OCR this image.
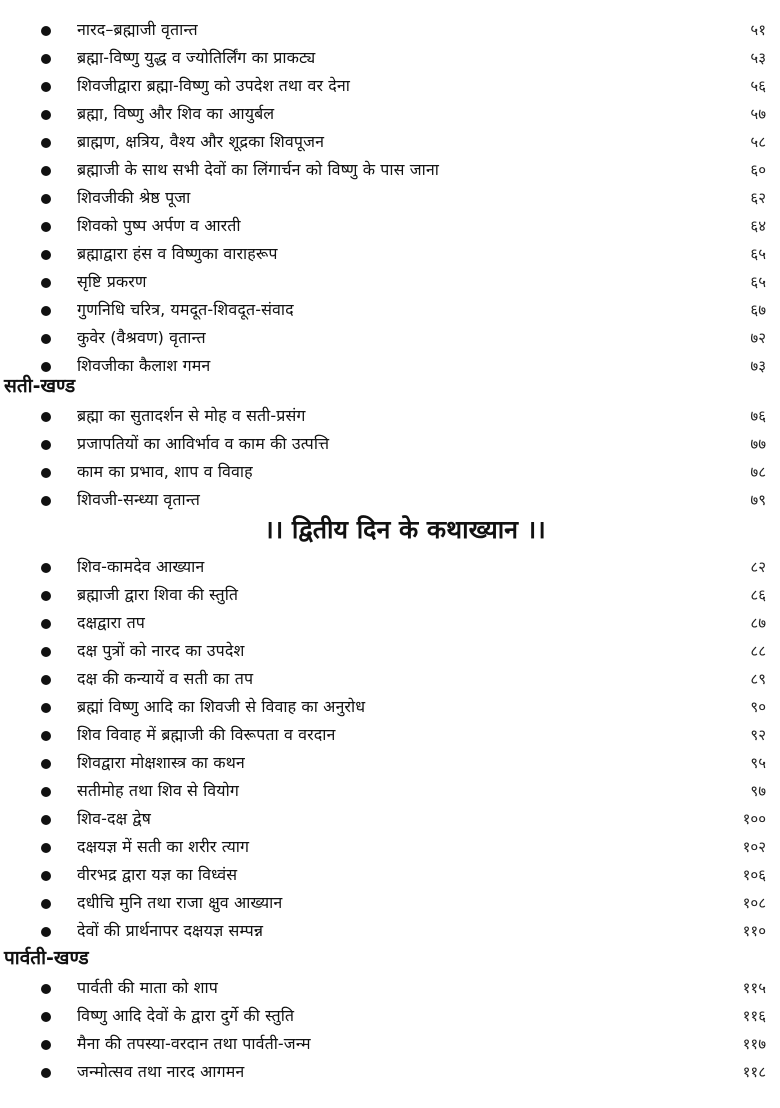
नारद–ब्रह्माजी वृतान्त	५१
ब्रह्मा-विष्णु युद्ध व ज्योतिर्लिंग का प्राकट्य	५३
शिवजीद्वारा ब्रह्मा-विष्णु को उपदेश तथा वर देना	५६
ब्रह्मा, विष्णु और शिव का आयुर्बल	५७
ब्राह्मण, क्षत्रिय, वैश्य और शूद्रका शिवपूजन	५८
ब्रह्माजी के साथ सभी देवों का लिंगार्चन को विष्णु के पास जाना	६०
शिवजीकी श्रेष्ठ पूजा	६२
शिवको पुष्प अर्पण व आरती	६४
ब्रह्माद्वारा हंस व विष्णुका वाराहरूप	६५
सृष्टि प्रकरण	६५
गुणनिधि चरित्र, यमदूत-शिवदूत-संवाद	६७
कुवेर (वैश्रवण) वृतान्त	७२
शिवजीका कैलाश गमन	७३
सती-खण्ड
ब्रह्मा का सुतादर्शन से मोह व सती-प्रसंग	७६
प्रजापतियों का आविर्भाव व काम की उत्पत्ति	७७
काम का प्रभाव, शाप व विवाह	७८
शिवजी-सन्ध्या वृतान्त	७९
।। द्वितीय दिन के कथाख्यान ।।
शिव-कामदेव आख्यान	८२
ब्रह्माजी द्वारा शिवा की स्तुति	८६
दक्षद्वारा तप	८७
दक्ष पुत्रों को नारद का उपदेश	८८
दक्ष की कन्यायें व सती का तप	८९
ब्रह्मां विष्णु आदि का शिवजी से विवाह का अनुरोध	९०
शिव विवाह में ब्रह्माजी की विरूपता व वरदान	९२
शिवद्वारा मोक्षशास्त्र का कथन	९५
सतीमोह तथा शिव से वियोग	९७
शिव-दक्ष द्वेष	१००
दक्षयज्ञ में सती का शरीर त्याग	१०२
वीरभद्र द्वारा यज्ञ का विध्वंस	१०६
दधीचि मुनि तथा राजा क्षुव आख्यान	१०८
देवों की प्रार्थनापर दक्षयज्ञ सम्पन्न	११०
पार्वती-खण्ड
पार्वती की माता को शाप	११५
विष्णु आदि देवों के द्वारा दुर्गे की स्तुति	११६
मैना की तपस्या-वरदान तथा पार्वती-जन्म	११७
जन्मोत्सव तथा नारद आगमन	११८
